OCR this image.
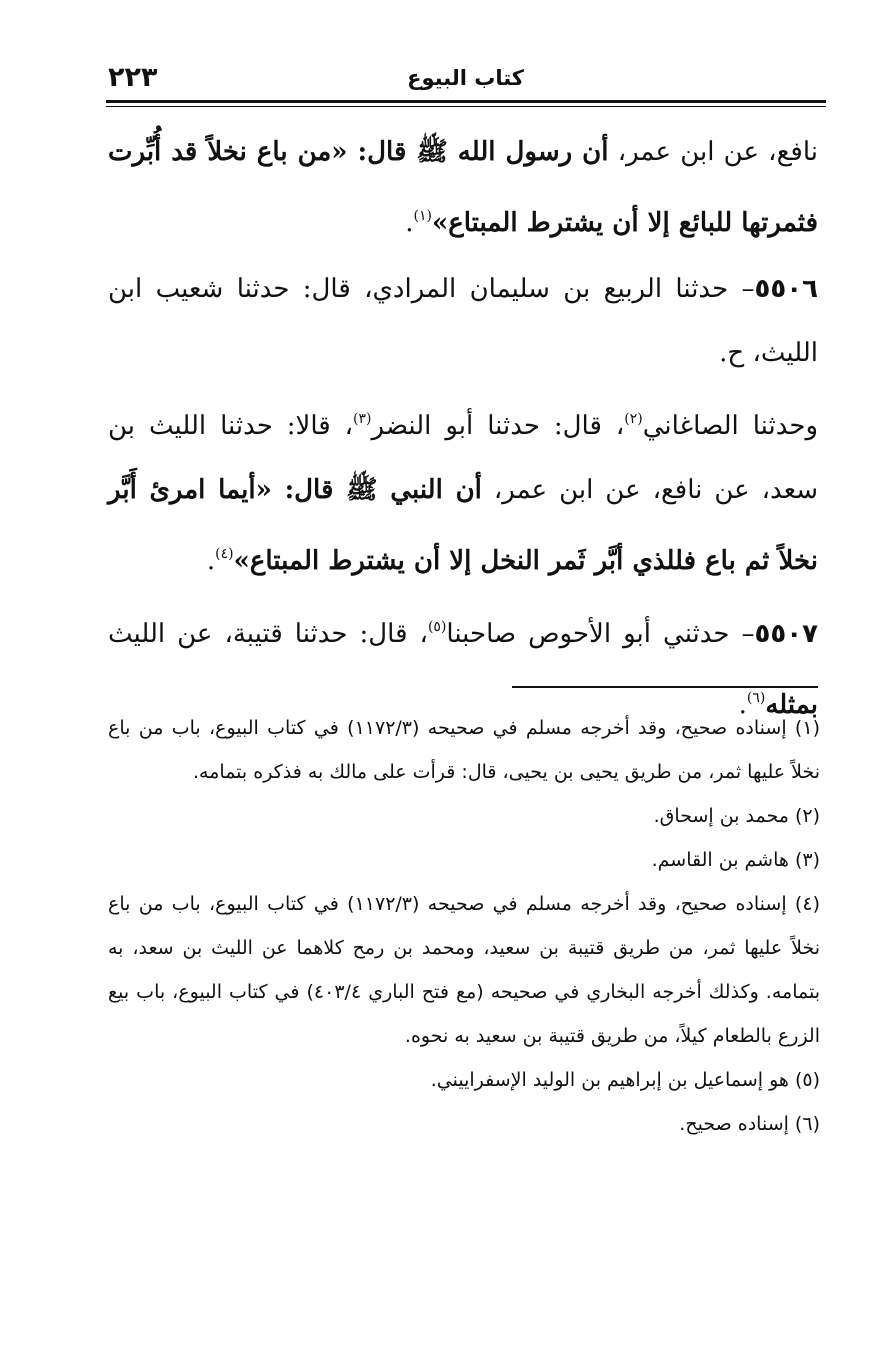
كتاب البيوع
٢٢٣

نافع، عن ابن عمر، أن رسول الله ﷺ قال: «من باع نخلاً قد أُبِّرت فثمرتها للبائع إلا أن يشترط المبتاع»$^{(١)}$.

٥٥٠٦– حدثنا الربيع بن سليمان المرادي، قال: حدثنا شعيب ابن الليث، ح.

وحدثنا الصاغاني$^{(٢)}$، قال: حدثنا أبو النضر$^{(٣)}$، قالا: حدثنا الليث بن سعد، عن نافع، عن ابن عمر، أن النبي ﷺ قال: «أيما امرئ أَبَّر نخلاً ثم باع فللذي أبَّر ثَمر النخل إلا أن يشترط المبتاع»$^{(٤)}$.

٥٥٠٧– حدثني أبو الأحوص صاحبنا$^{(٥)}$، قال: حدثنا قتيبة، عن الليث بمثله$^{(٦)}$.

(١) إسناده صحيح، وقد أخرجه مسلم في صحيحه (١١٧٢/٣) في كتاب البيوع، باب من باع نخلاً عليها ثمر، من طريق يحيى بن يحيى، قال: قرأت على مالك به فذكره بتمامه.

(٢) محمد بن إسحاق.

(٣) هاشم بن القاسم.

(٤) إسناده صحيح، وقد أخرجه مسلم في صحيحه (١١٧٢/٣) في كتاب البيوع، باب من باع نخلاً عليها ثمر، من طريق قتيبة بن سعيد، ومحمد بن رمح كلاهما عن الليث بن سعد، به بتمامه. وكذلك أخرجه البخاري في صحيحه (مع فتح الباري ٤٠٣/٤) في كتاب البيوع، باب بيع الزرع بالطعام كيلاً، من طريق قتيبة بن سعيد به نحوه.

(٥) هو إسماعيل بن إبراهيم بن الوليد الإسفراييني.

(٦) إسناده صحيح.
